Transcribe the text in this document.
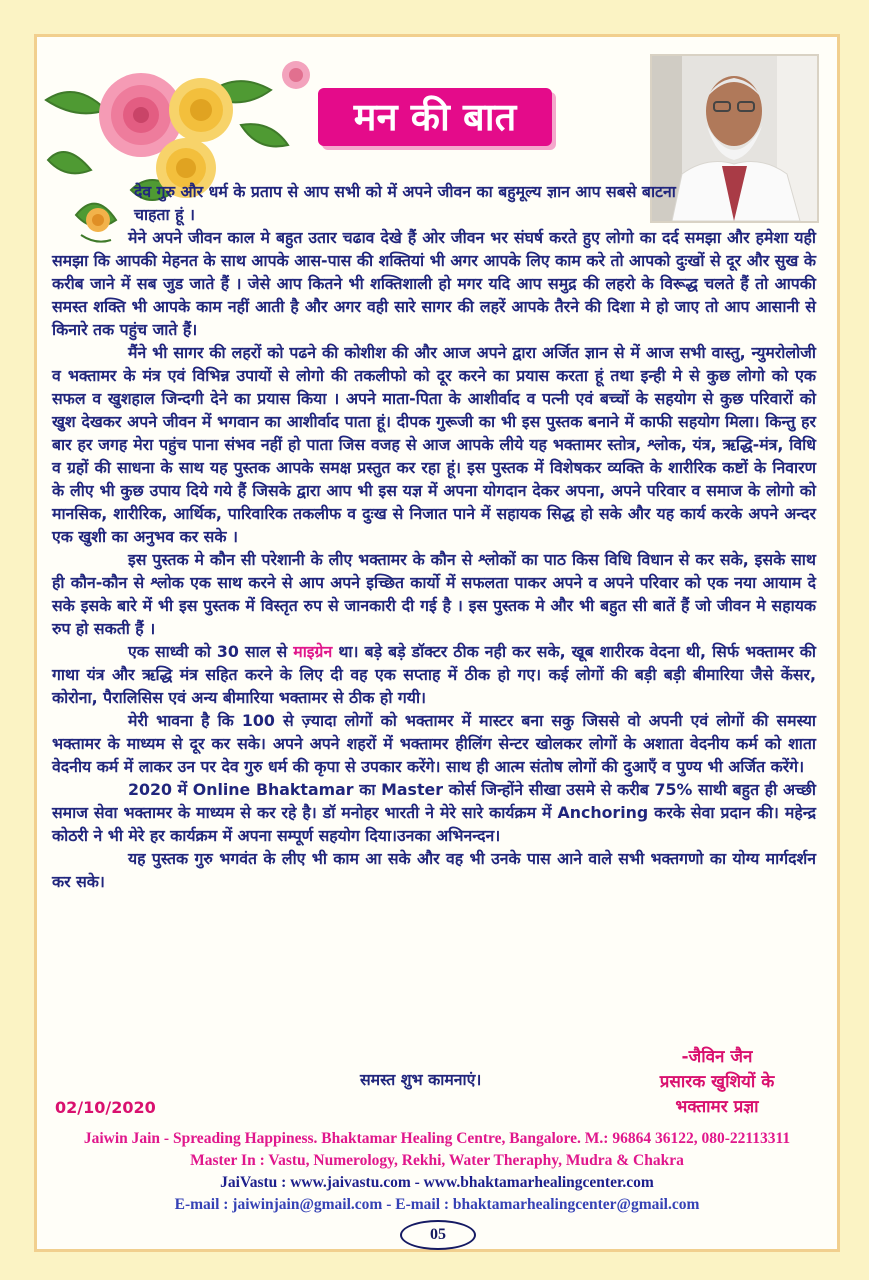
मन की बात

देव गुरु और धर्म के प्रताप से आप सभी को में अपने जीवन का बहुमूल्य ज्ञान आप सबसे बाटना चाहता हूं ।

मेने अपने जीवन काल मे बहुत उतार चढाव देखे हैं ओर जीवन भर संघर्ष करते हुए लोगो का दर्द समझा और हमेशा यही समझा कि आपकी मेहनत के साथ आपके आस-पास की शक्तियां भी अगर आपके लिए काम करे तो आपको दुःखों से दूर और सुख के करीब जाने में सब जुड जाते हैं । जेसे आप कितने भी शक्तिशाली हो मगर यदि आप समुद्र की लहरो के विरूद्ध चलते हैं तो आपकी समस्त शक्ति भी आपके काम नहीं आती है और अगर वही सारे सागर की लहरें आपके तैरने की दिशा मे हो जाए तो आप आसानी से किनारे तक पहुंच जाते हैं।

मैंने भी सागर की लहरों को पढने की कोशीश की और आज अपने द्वारा अर्जित ज्ञान से में आज सभी वास्तु, न्युमरोलोजी व भक्तामर के मंत्र एवं विभिन्न उपायों से लोगो की तकलीफो को दूर करने का प्रयास करता हूं तथा इन्ही मे से कुछ लोगो को एक सफल व खुशहाल जिन्दगी देने का प्रयास किया । अपने माता-पिता के आशीर्वाद व पत्नी एवं बच्चों के सहयोग से कुछ परिवारों को खुश देखकर अपने जीवन में भगवान का आशीर्वाद पाता हूं। दीपक गुरूजी का भी इस पुस्तक बनाने में काफी सहयोग मिला। किन्तु हर बार हर जगह मेरा पहुंच पाना संभव नहीं हो पाता जिस वजह से आज आपके लीये यह भक्तामर स्तोत्र, श्लोक, यंत्र, ऋद्धि-मंत्र, विधि व ग्रहों की साधना के साथ यह पुस्तक आपके समक्ष प्रस्तुत कर रहा हूं। इस पुस्तक में विशेषकर व्यक्ति के शारीरिक कष्टों के निवारण के लीए भी कुछ उपाय दिये गये हैं जिसके द्वारा आप भी इस यज्ञ में अपना योगदान देकर अपना, अपने परिवार व समाज के लोगो को मानसिक, शारीरिक, आर्थिक, पारिवारिक तकलीफ व दुःख से निजात पाने में सहायक सिद्ध हो सके और यह कार्य करके अपने अन्दर एक खुशी का अनुभव कर सके ।

इस पुस्तक मे कौन सी परेशानी के लीए भक्तामर के कौन से श्लोकों का पाठ किस विधि विधान से कर सके, इसके साथ ही कौन-कौन से श्लोक एक साथ करने से आप अपने इच्छित कार्यो में सफलता पाकर अपने व अपने परिवार को एक नया आयाम दे सके इसके बारे में भी इस पुस्तक में विस्तृत रुप से जानकारी दी गई है । इस पुस्तक मे और भी बहुत सी बातें हैं जो जीवन मे सहायक रुप हो सकती हैं ।

एक साध्वी को 30 साल से माइग्रेन था। बड़े बड़े डॉक्टर ठीक नही कर सके, खूब शारीरक वेदना थी, सिर्फ भक्तामर की गाथा यंत्र और ऋद्धि मंत्र सहित करने के लिए दी वह एक सप्ताह में ठीक हो गए। कई लोगों की बड़ी बड़ी बीमारिया जैसे केंसर, कोरोना, पैरालिसिस एवं अन्य बीमारिया भक्तामर से ठीक हो गयी।

मेरी भावना है कि 100 से ज़्यादा लोगों को भक्तामर में मास्टर बना सकु जिससे वो अपनी एवं लोगों की समस्या भक्तामर के माध्यम से दूर कर सके। अपने अपने शहरों में भक्तामर हीलिंग सेन्टर खोलकर लोगों के अशाता वेदनीय कर्म को शाता वेदनीय कर्म में लाकर उन पर देव गुरु धर्म की कृपा से उपकार करेंगे। साथ ही आत्म संतोष लोगों की दुआएँ व पुण्य भी अर्जित करेंगे।

2020 में Online Bhaktamar का Master कोर्स जिन्होंने सीखा उसमे से करीब 75% साथी बहुत ही अच्छी समाज सेवा भक्तामर के माध्यम से कर रहे है। डॉ मनोहर भारती ने मेरे सारे कार्यक्रम में Anchoring करके सेवा प्रदान की। महेन्द्र कोठरी ने भी मेरे हर कार्यक्रम में अपना सम्पूर्ण सहयोग दिया।उनका अभिनन्दन।

यह पुस्तक गुरु भगवंत के लीए भी काम आ सके और वह भी उनके पास आने वाले सभी भक्तगणो का योग्य मार्गदर्शन कर सके।

समस्त शुभ कामनाएं।
-जैविन जैन
प्रसारक खुशियों के
भक्तामर प्रज्ञा
02/10/2020
Jaiwin Jain - Spreading Happiness. Bhaktamar Healing Centre, Bangalore. M.: 96864 36122, 080-22113311
Master In : Vastu, Numerology, Rekhi, Water Theraphy, Mudra & Chakra
JaiVastu : www.jaivastu.com - www.bhaktamarhealingcenter.com
E-mail : jaiwinjain@gmail.com - E-mail : bhaktamarhealingcenter@gmail.com
05
